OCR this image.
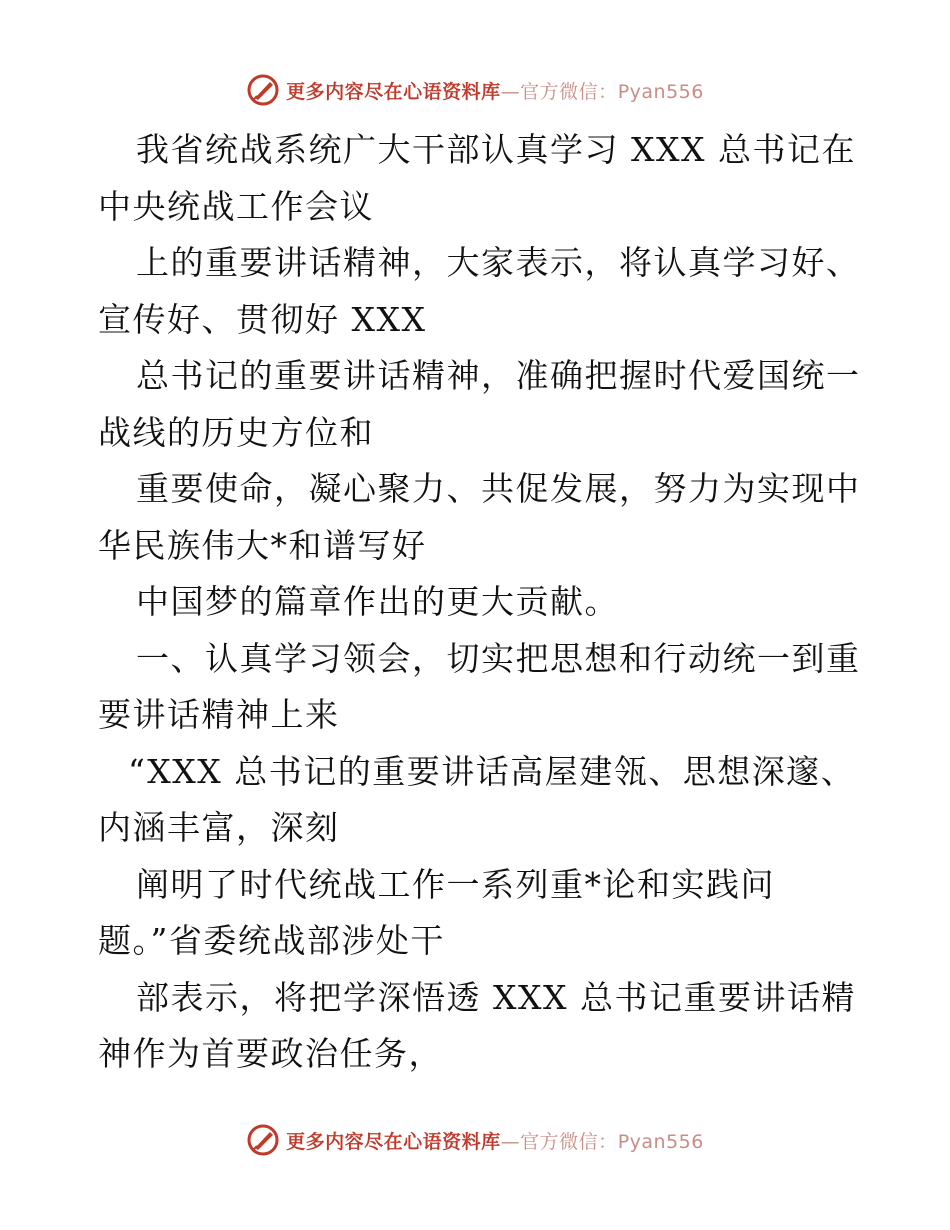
更多内容尽在心语资料库—官方微信：Pyan556
我省统战系统广大干部认真学习 XXX 总书记在
中央统战工作会议
上的重要讲话精神，大家表示，将认真学习好、
宣传好、贯彻好 XXX
总书记的重要讲话精神，准确把握时代爱国统一
战线的历史方位和
重要使命，凝心聚力、共促发展，努力为实现中
华民族伟大*和谱写好
中国梦的篇章作出的更大贡献。
一、认真学习领会，切实把思想和行动统一到重
要讲话精神上来
“XXX 总书记的重要讲话高屋建瓴、思想深邃、
内涵丰富，深刻
阐明了时代统战工作一系列重*论和实践问
题。”省委统战部涉处干
部表示，将把学深悟透 XXX 总书记重要讲话精
神作为首要政治任务，
更多内容尽在心语资料库—官方微信：Pyan556
